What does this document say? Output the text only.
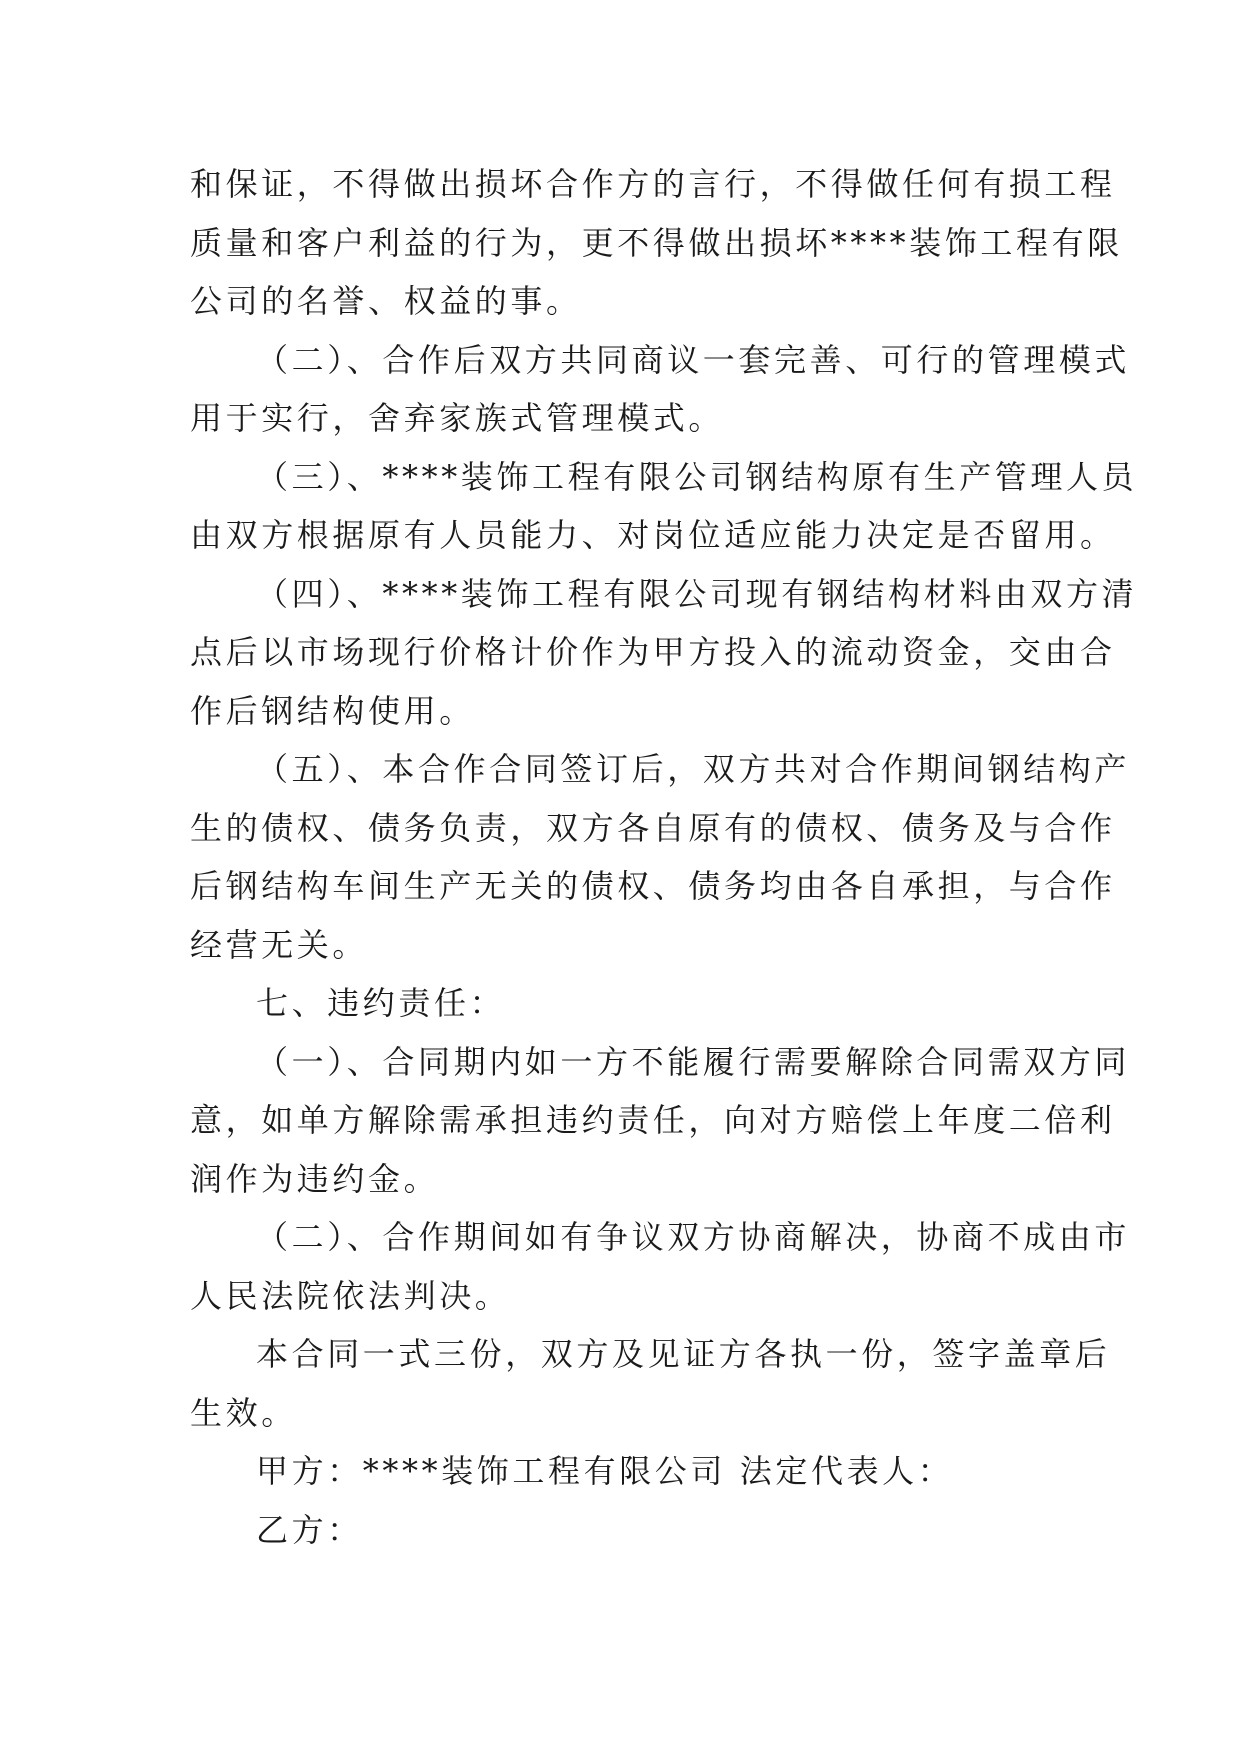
和保证，不得做出损坏合作方的言行，不得做任何有损工程
质量和客户利益的行为，更不得做出损坏****装饰工程有限
公司的名誉、权益的事。

（二）、合作后双方共同商议一套完善、可行的管理模式
用于实行，舍弃家族式管理模式。

（三）、****装饰工程有限公司钢结构原有生产管理人员
由双方根据原有人员能力、对岗位适应能力决定是否留用。

（四）、****装饰工程有限公司现有钢结构材料由双方清
点后以市场现行价格计价作为甲方投入的流动资金，交由合
作后钢结构使用。

（五）、本合作合同签订后，双方共对合作期间钢结构产
生的债权、债务负责，双方各自原有的债权、债务及与合作
后钢结构车间生产无关的债权、债务均由各自承担，与合作
经营无关。

七、违约责任：

（一）、合同期内如一方不能履行需要解除合同需双方同
意，如单方解除需承担违约责任，向对方赔偿上年度二倍利
润作为违约金。

（二）、合作期间如有争议双方协商解决，协商不成由市
人民法院依法判决。

本合同一式三份，双方及见证方各执一份，签字盖章后
生效。

甲方：****装饰工程有限公司 法定代表人：

乙方：
